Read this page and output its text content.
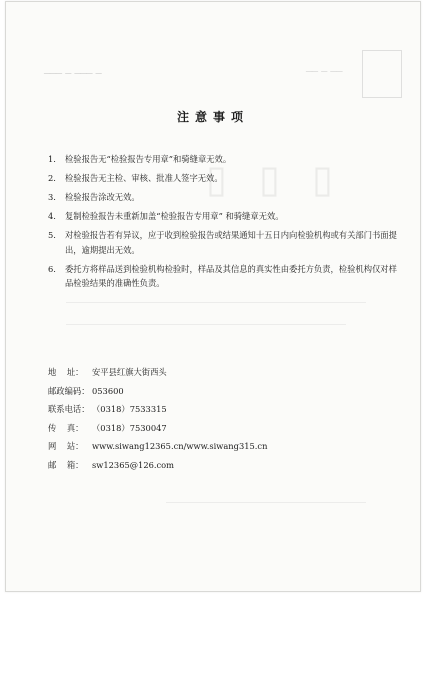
─── ─ ─── ─	── ─ ──
▯ ▯ ▯
注意事项
1.	检验报告无“检验报告专用章”和骑缝章无效。
2.	检验报告无主检、审核、批准人签字无效。
3.	检验报告涂改无效。
4.	复制检验报告未重新加盖“检验报告专用章” 和骑缝章无效。
5.	对检验报告若有异议，应于收到检验报告或结果通知十五日内向检验机构或有关部门书面提出，逾期提出无效。
6.	委托方将样品送到检验机构检验时，样品及其信息的真实性由委托方负责，检验机构仅对样品检验结果的准确性负责。
地    址：	安平县红旗大街西头
邮政编码： 053600
联系电话： （0318）7533315
传    真：	（0318）7530047
网    站：	www.siwang12365.cn/www.siwang315.cn
邮    箱：	sw12365@126.com
